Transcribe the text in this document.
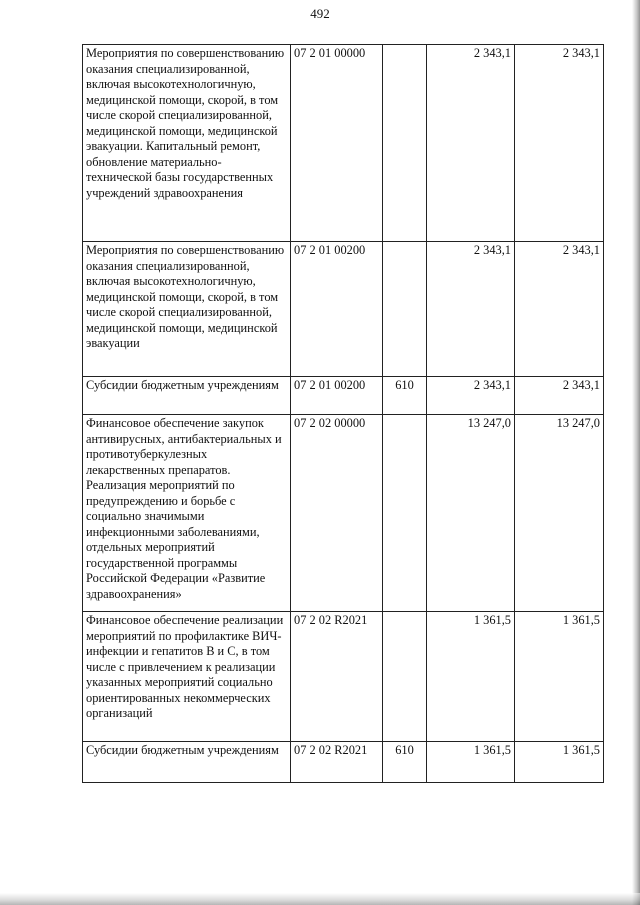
492
Мероприятия по совершенствованию оказания специализированной, включая высокотехнологичную, медицинской помощи, скорой, в том числе скорой специализированной, медицинской помощи, медицинской эвакуации. Капитальный ремонт, обновление материально-технической базы государственных учреждений здравоохранения	07 2 01 00000		2 343,1	2 343,1
Мероприятия по совершенствованию оказания специализированной, включая высокотехнологичную, медицинской помощи, скорой, в том числе скорой специализированной, медицинской помощи, медицинской эвакуации	07 2 01 00200		2 343,1	2 343,1
Субсидии бюджетным учреждениям	07 2 01 00200	610	2 343,1	2 343,1
Финансовое обеспечение закупок антивирусных, антибактериальных и противотуберкулезных лекарственных препаратов. Реализация мероприятий по предупреждению и борьбе с социально значимыми инфекционными заболеваниями, отдельных мероприятий государственной программы Российской Федерации «Развитие здравоохранения»	07 2 02 00000		13 247,0	13 247,0
Финансовое обеспечение реализации мероприятий по профилактике ВИЧ-инфекции и гепатитов В и С, в том числе с привлечением к реализации указанных мероприятий социально ориентированных некоммерческих организаций	07 2 02 R2021		1 361,5	1 361,5
Субсидии бюджетным учреждениям	07 2 02 R2021	610	1 361,5	1 361,5
